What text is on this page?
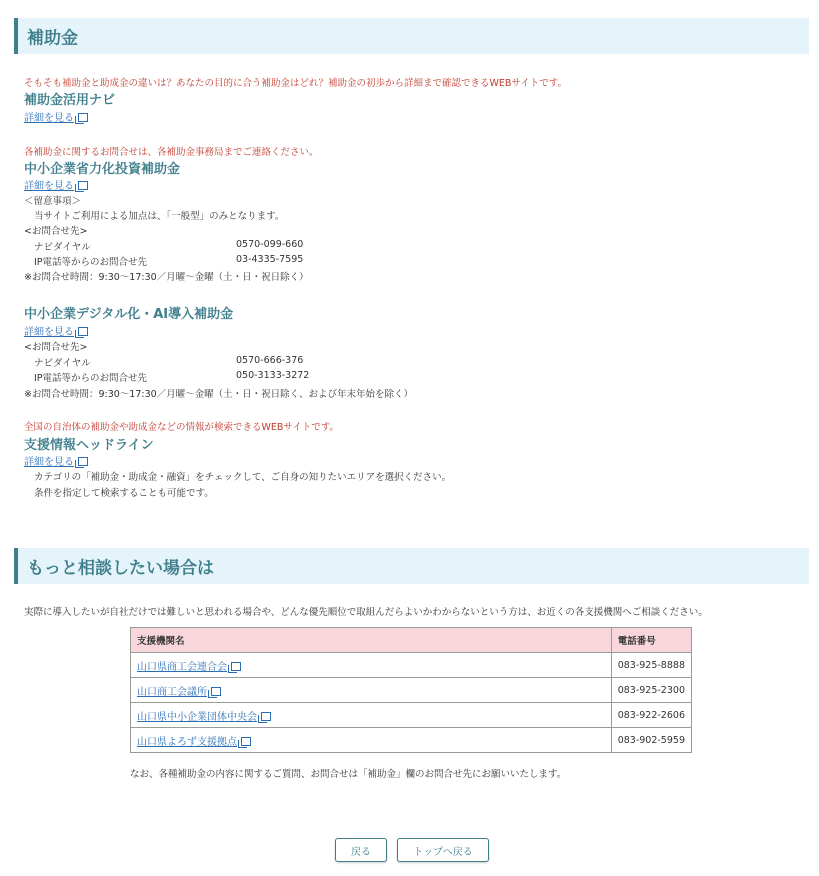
補助金
そもそも補助金と助成金の違いは？あなたの目的に合う補助金はどれ？補助金の初歩から詳細まで確認できるWEBサイトです。
補助金活用ナビ
詳細を見る
各補助金に関するお問合せは、各補助金事務局までご連絡ください。
中小企業省力化投資補助金
詳細を見る
＜留意事項＞
当サイトご利用による加点は、「一般型」のみとなります。
<お問合せ先>
ナビダイヤル	0570-099-660
IP電話等からのお問合せ先	03-4335-7595
※お問合せ時間：9:30〜17:30／月曜〜金曜（土・日・祝日除く）
中小企業デジタル化・AI導入補助金
詳細を見る
<お問合せ先>
ナビダイヤル	0570-666-376
IP電話等からのお問合せ先	050-3133-3272
※お問合せ時間：9:30〜17:30／月曜〜金曜（土・日・祝日除く、および年末年始を除く）
全国の自治体の補助金や助成金などの情報が検索できるWEBサイトです。
支援情報ヘッドライン
詳細を見る
カテゴリの「補助金・助成金・融資」をチェックして、ご自身の知りたいエリアを選択ください。
条件を指定して検索することも可能です。
もっと相談したい場合は
実際に導入したいが自社だけでは難しいと思われる場合や、どんな優先順位で取組んだらよいかわからないという方は、お近くの各支援機関へご相談ください。
支援機関名	電話番号
山口県商工会連合会	083-925-8888
山口商工会議所	083-925-2300
山口県中小企業団体中央会	083-922-2606
山口県よろず支援拠点	083-902-5959
なお、各種補助金の内容に関するご質問、お問合せは「補助金」欄のお問合せ先にお願いいたします。
戻る	トップへ戻る
